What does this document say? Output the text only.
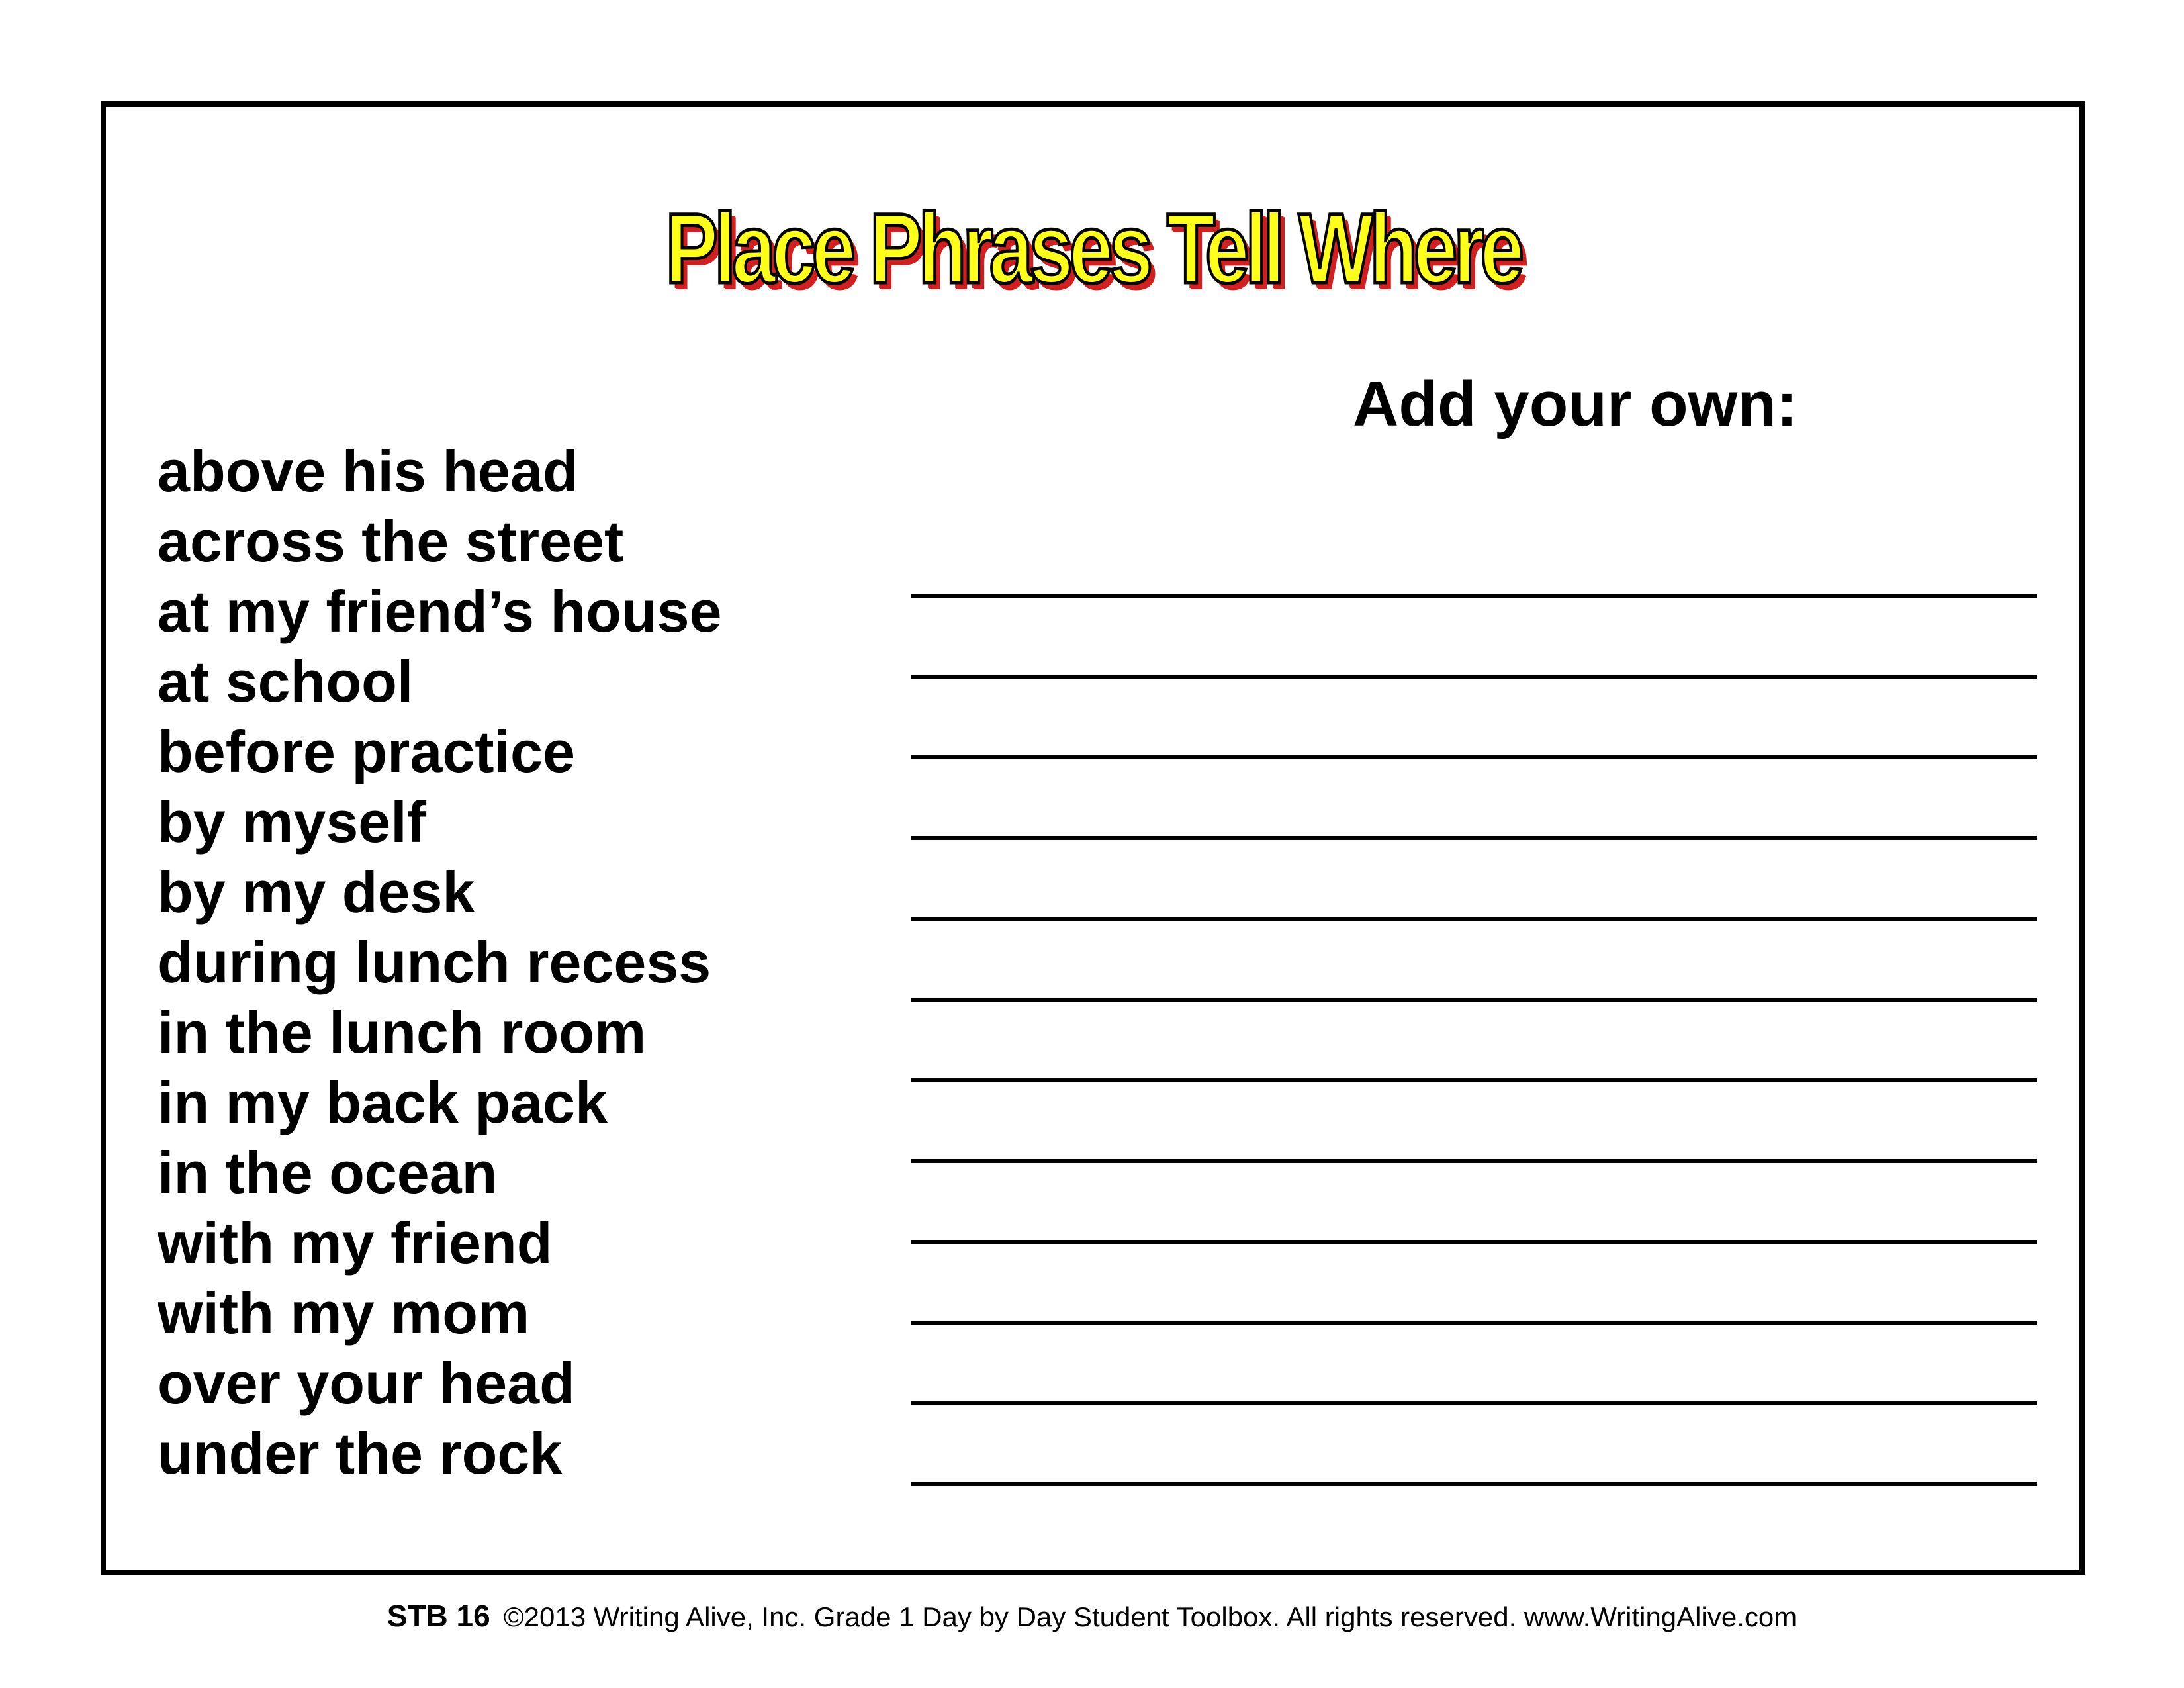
Place Phrases Tell Where
Add your own:
above his head
across the street
at my friend’s house
at school
before practice
by myself
by my desk
during lunch recess
in the lunch room
in my back pack
in the ocean
with my friend
with my mom
over your head
under the rock
STB 16 ©2013 Writing Alive, Inc. Grade 1 Day by Day Student Toolbox. All rights reserved. www.WritingAlive.com
